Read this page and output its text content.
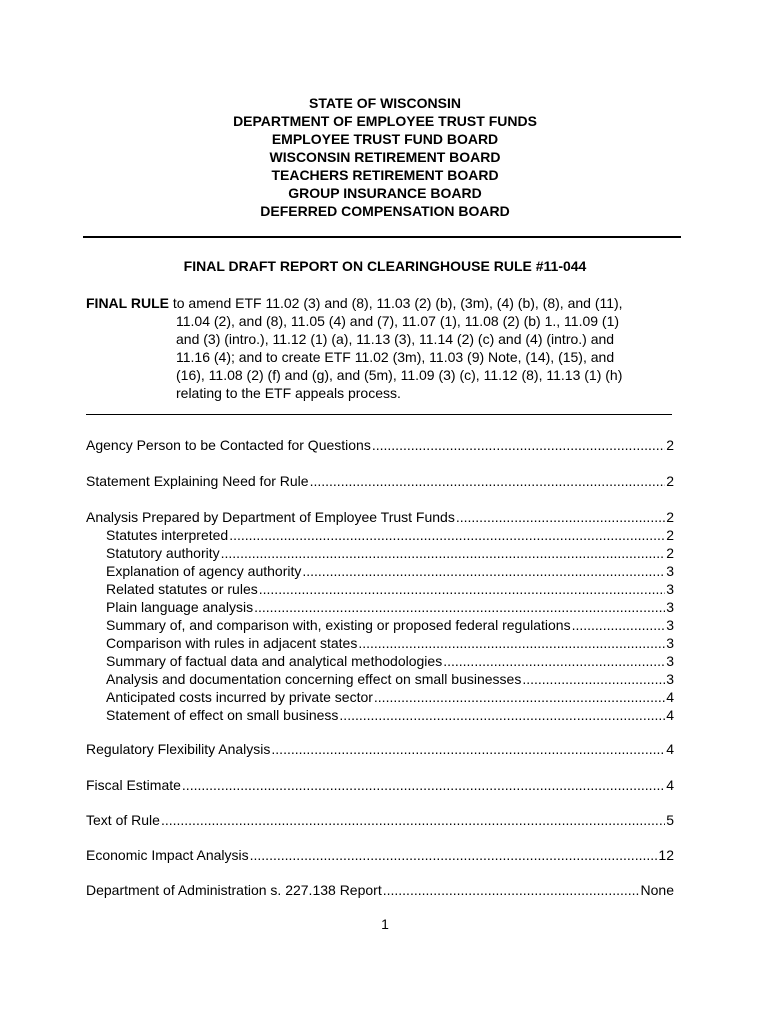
STATE OF WISCONSIN
DEPARTMENT OF EMPLOYEE TRUST FUNDS
EMPLOYEE TRUST FUND BOARD
WISCONSIN RETIREMENT BOARD
TEACHERS RETIREMENT BOARD
GROUP INSURANCE BOARD
DEFERRED COMPENSATION BOARD
FINAL DRAFT REPORT ON CLEARINGHOUSE RULE #11-044
FINAL RULE to amend ETF 11.02 (3) and (8), 11.03 (2) (b), (3m), (4) (b), (8), and (11),
11.04 (2), and (8), 11.05 (4) and (7), 11.07 (1), 11.08 (2) (b) 1., 11.09 (1)
and (3) (intro.), 11.12 (1) (a), 11.13 (3), 11.14 (2) (c) and (4) (intro.) and
11.16 (4); and to create ETF 11.02 (3m), 11.03 (9) Note, (14), (15), and
(16), 11.08 (2) (f) and (g), and (5m), 11.09 (3) (c), 11.12 (8), 11.13 (1) (h)
relating to the ETF appeals process.
Agency Person to be Contacted for Questions .....	2
Statement Explaining Need for Rule .....	2
Analysis Prepared by Department of Employee Trust Funds .....	2
Statutes interpreted .....	2
Statutory authority .....	2
Explanation of agency authority .....	3
Related statutes or rules .....	3
Plain language analysis .....	3
Summary of, and comparison with, existing or proposed federal regulations .....	3
Comparison with rules in adjacent states .....	3
Summary of factual data and analytical methodologies .....	3
Analysis and documentation concerning effect on small businesses .....	3
Anticipated costs incurred by private sector .....	4
Statement of effect on small business .....	4
Regulatory Flexibility Analysis .....	4
Fiscal Estimate .....	4
Text of Rule .....	5
Economic Impact Analysis .....	12
Department of Administration s. 227.138 Report .....	None
1
